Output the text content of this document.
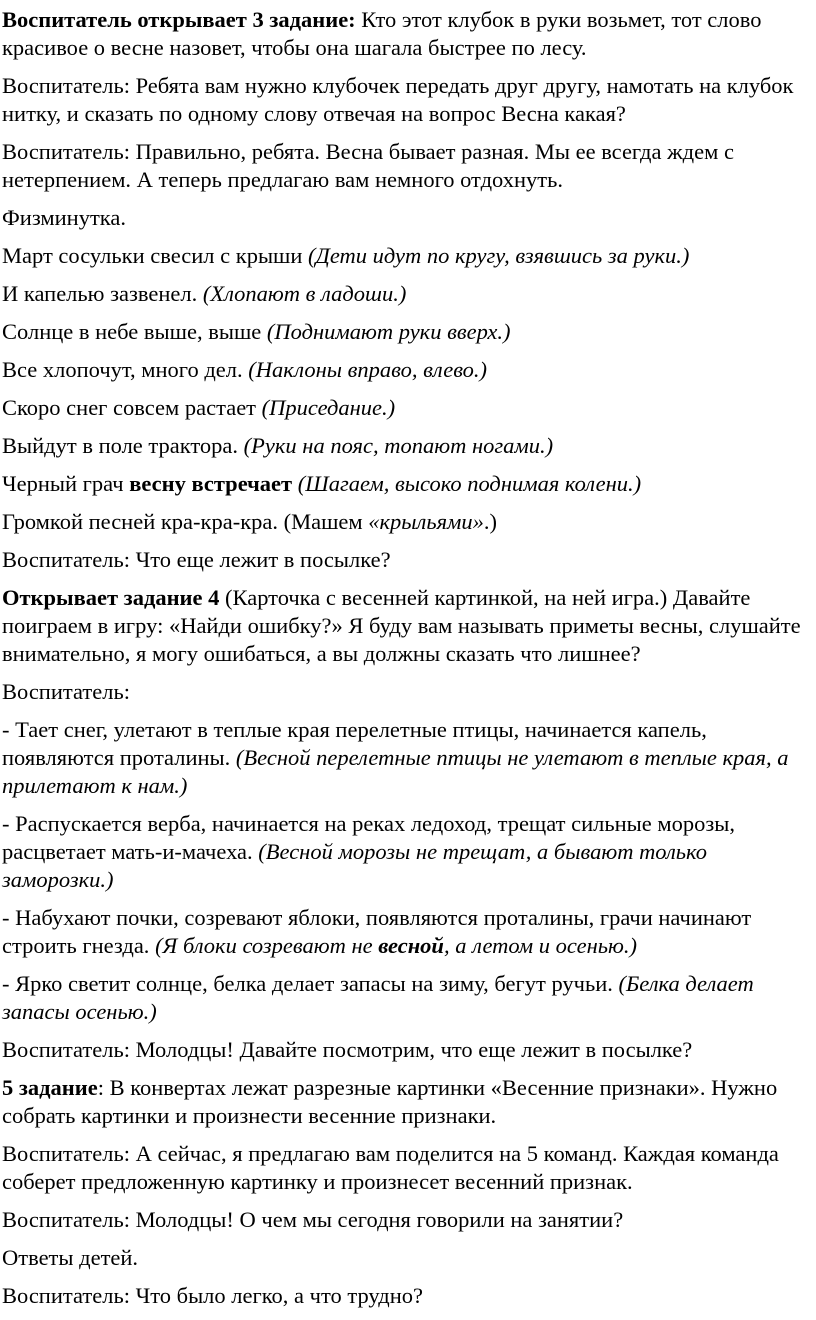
Воспитатель открывает 3 задание: Кто этот клубок в руки возьмет, тот слово красивое о весне назовет, чтобы она шагала быстрее по лесу.

Воспитатель: Ребята вам нужно клубочек передать друг другу, намотать на клубок нитку, и сказать по одному слову отвечая на вопрос Весна какая?

Воспитатель: Правильно, ребята. Весна бывает разная. Мы ее всегда ждем с нетерпением. А теперь предлагаю вам немного отдохнуть.

Физминутка.

Март сосульки свесил с крыши (Дети идут по кругу, взявшись за руки.)

И капелью зазвенел. (Хлопают в ладоши.)

Солнце в небе выше, выше (Поднимают руки вверх.)

Все хлопочут, много дел. (Наклоны вправо, влево.)

Скоро снег совсем растает (Приседание.)

Выйдут в поле трактора. (Руки на пояс, топают ногами.)

Черный грач весну встречает (Шагаем, высоко поднимая колени.)

Громкой песней кра-кра-кра. (Машем «крыльями».)

Воспитатель: Что еще лежит в посылке?

Открывает задание 4 (Карточка с весенней картинкой, на ней игра.) Давайте поиграем в игру: «Найди ошибку?» Я буду вам называть приметы весны, слушайте внимательно, я могу ошибаться, а вы должны сказать что лишнее?

Воспитатель:

- Тает снег, улетают в теплые края перелетные птицы, начинается капель, появляются проталины. (Весной перелетные птицы не улетают в теплые края, а прилетают к нам.)

- Распускается верба, начинается на реках ледоход, трещат сильные морозы, расцветает мать-и-мачеха. (Весной морозы не трещат, а бывают только заморозки.)

- Набухают почки, созревают яблоки, появляются проталины, грачи начинают строить гнезда. (Я блоки созревают не весной, а летом и осенью.)

- Ярко светит солнце, белка делает запасы на зиму, бегут ручьи. (Белка делает запасы осенью.)

Воспитатель: Молодцы! Давайте посмотрим, что еще лежит в посылке?

5 задание: В конвертах лежат разрезные картинки «Весенние признаки». Нужно собрать картинки и произнести весенние признаки.

Воспитатель: А сейчас, я предлагаю вам поделится на 5 команд. Каждая команда соберет предложенную картинку и произнесет весенний признак.

Воспитатель: Молодцы! О чем мы сегодня говорили на занятии?

Ответы детей.

Воспитатель: Что было легко, а что трудно?
